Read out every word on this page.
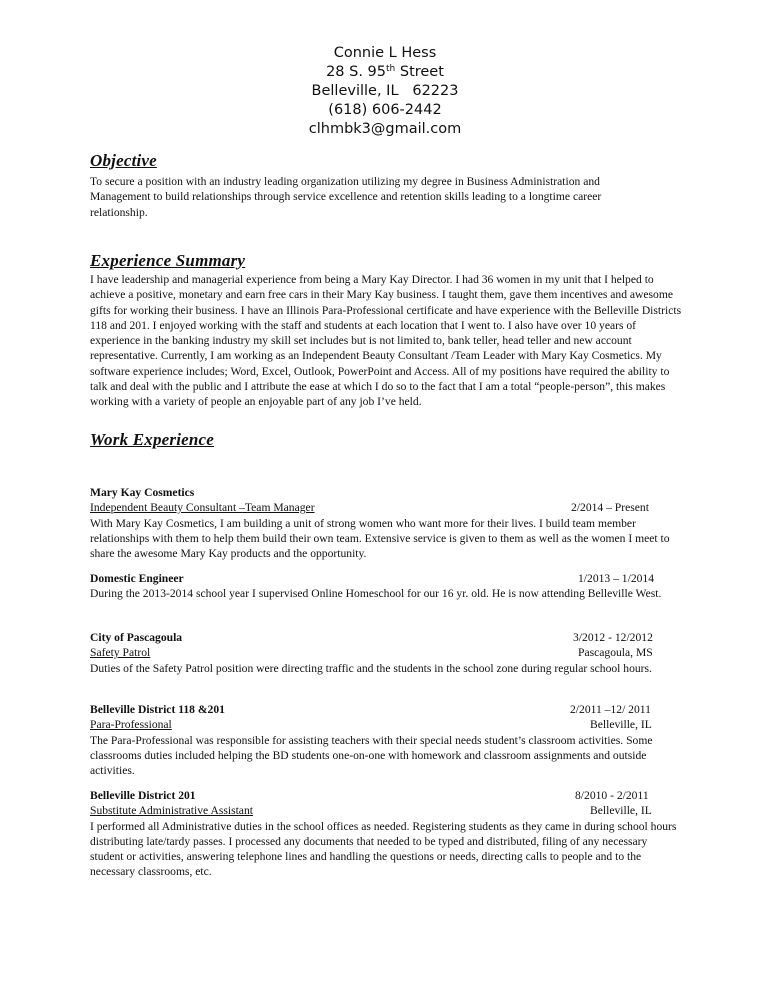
Connie L Hess
28 S. 95th Street
Belleville, IL   62223
(618) 606-2442
clhmbk3@gmail.com
Objective

To secure a position with an industry leading organization utilizing my degree in Business Administration and Management to build relationships through service excellence and retention skills leading to a longtime career relationship.

Experience Summary

I have leadership and managerial experience from being a Mary Kay Director. I had 36 women in my unit that I helped to achieve a positive, monetary and earn free cars in their Mary Kay business. I taught them, gave them incentives and awesome gifts for working their business. I have an Illinois Para-Professional certificate and have experience with the Belleville Districts 118 and 201. I enjoyed working with the staff and students at each location that I went to. I also have over 10 years of experience in the banking industry my skill set includes but is not limited to, bank teller, head teller and new account representative. Currently, I am working as an Independent Beauty Consultant /Team Leader with Mary Kay Cosmetics. My software experience includes; Word, Excel, Outlook, PowerPoint and Access. All of my positions have required the ability to talk and deal with the public and I attribute the ease at which I do so to the fact that I am a total “people-person”, this makes working with a variety of people an enjoyable part of any job I’ve held.

Work Experience
Mary Kay Cosmetics
Independent Beauty Consultant –Team Manager	2/2014 – Present

With Mary Kay Cosmetics, I am building a unit of strong women who want more for their lives. I build team member relationships with them to help them build their own team. Extensive service is given to them as well as the women I meet to share the awesome Mary Kay products and the opportunity.

Domestic Engineer	1/2013 – 1/2014

During the 2013-2014 school year I supervised Online Homeschool for our 16 yr. old. He is now attending Belleville West.

City of Pascagoula	3/2012 - 12/2012
Safety Patrol	Pascagoula, MS

Duties of the Safety Patrol position were directing traffic and the students in the school zone during regular school hours.

Belleville District 118 &201	2/2011 –12/ 2011
Para-Professional	Belleville, IL

The Para-Professional was responsible for assisting teachers with their special needs student’s classroom activities. Some classrooms duties included helping the BD students one-on-one with homework and classroom assignments and outside activities.

Belleville District 201	8/2010 - 2/2011
Substitute Administrative Assistant	Belleville, IL

I performed all Administrative duties in the school offices as needed. Registering students as they came in during school hours distributing late/tardy passes. I processed any documents that needed to be typed and distributed, filing of any necessary student or activities, answering telephone lines and handling the questions or needs, directing calls to people and to the necessary classrooms, etc.
